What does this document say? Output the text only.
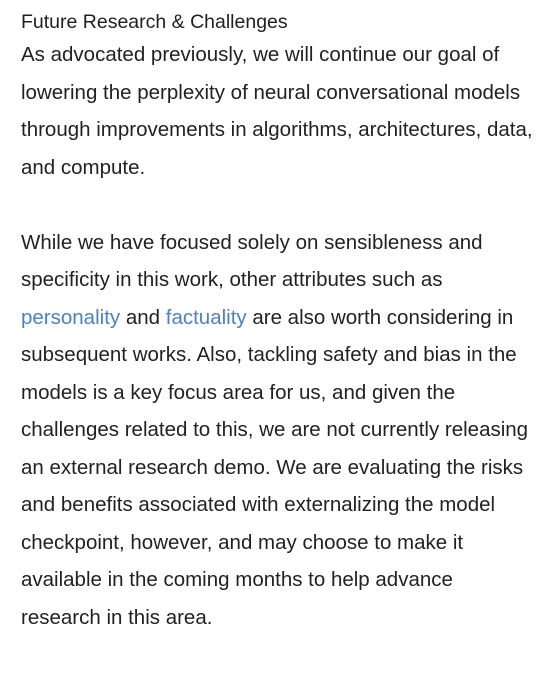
Future Research & Challenges

As advocated previously, we will continue our goal of lowering the perplexity of neural conversational models through improvements in algorithms, architectures, data, and compute.

While we have focused solely on sensibleness and specificity in this work, other attributes such as personality and factuality are also worth considering in subsequent works. Also, tackling safety and bias in the models is a key focus area for us, and given the challenges related to this, we are not currently releasing an external research demo. We are evaluating the risks and benefits associated with externalizing the model checkpoint, however, and may choose to make it available in the coming months to help advance research in this area.
